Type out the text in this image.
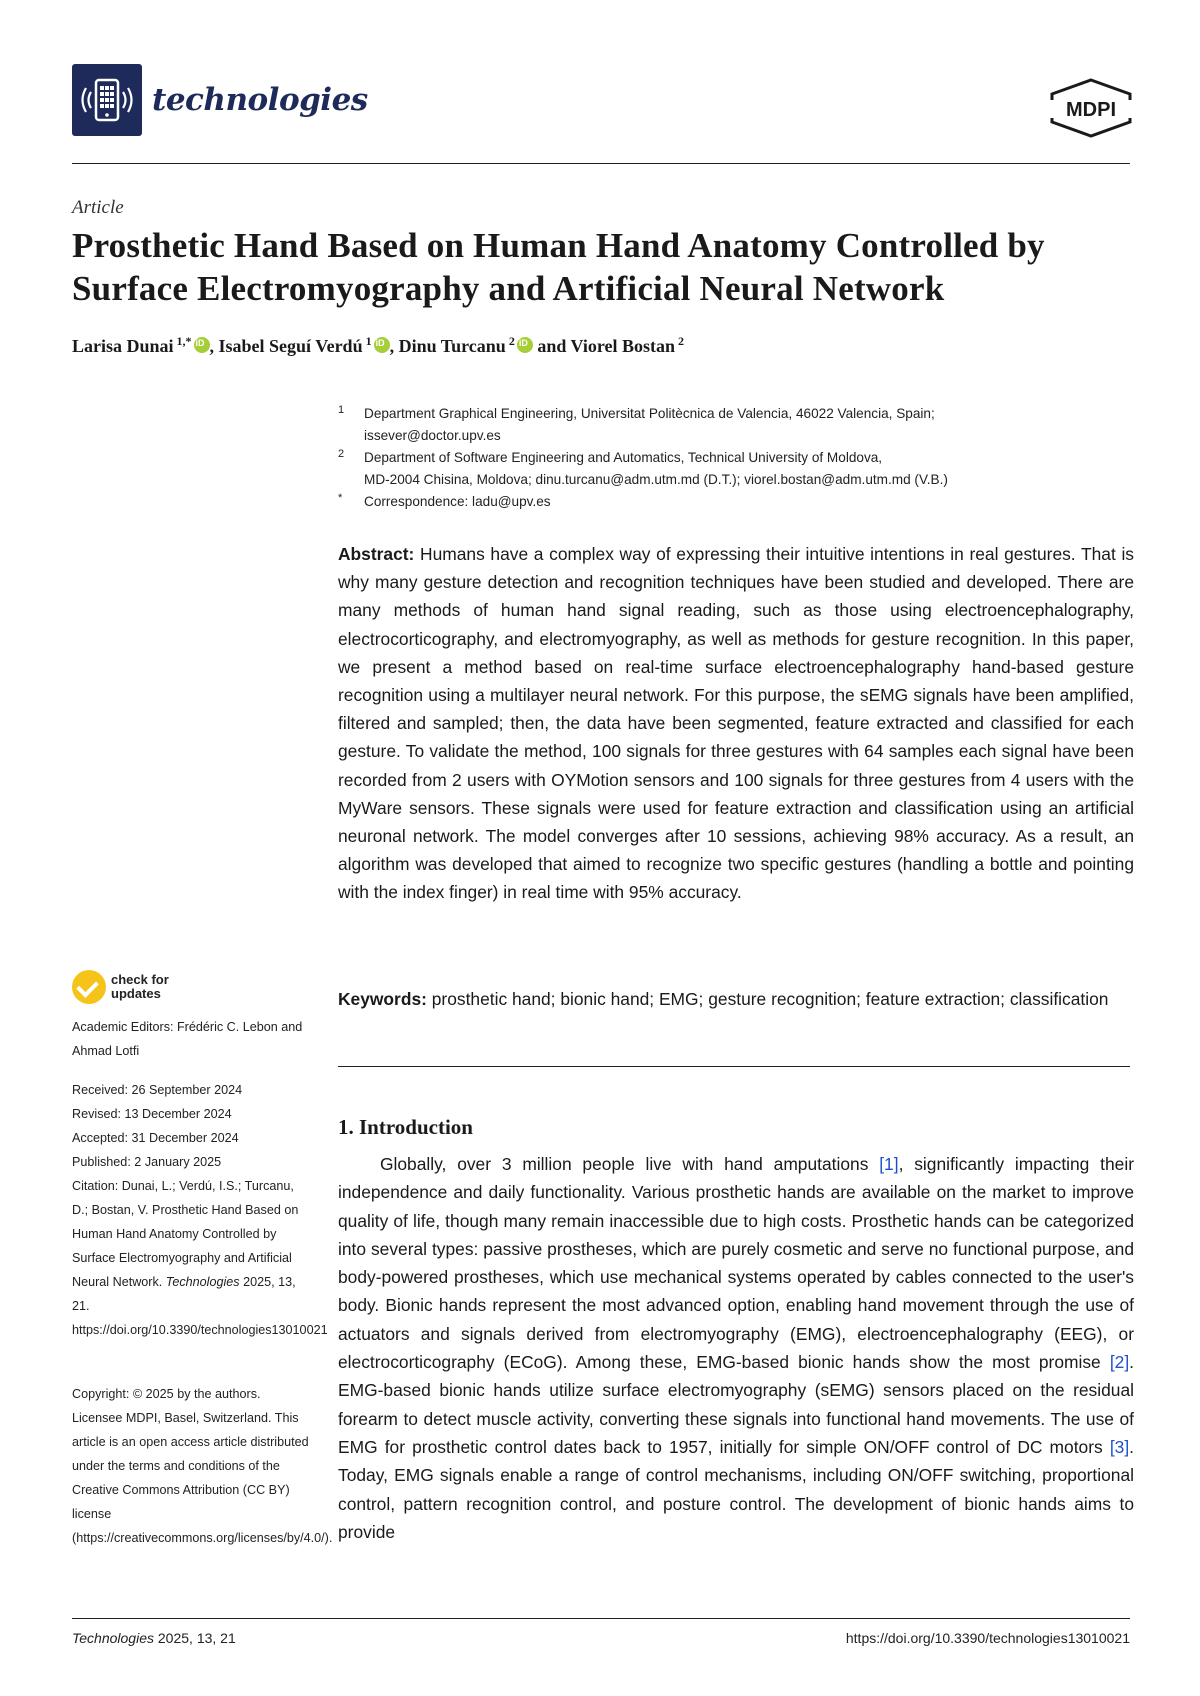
technologies	MDPI
Article
Prosthetic Hand Based on Human Hand Anatomy Controlled by Surface Electromyography and Artificial Neural Network
Larisa Dunai $^{1,*}$ iD , Isabel Seguí Verdú $^1$ iD , Dinu Turcanu $^2$iD and Viorel Bostan $^2$
1 Department Graphical Engineering, Universitat Politècnica de Valencia, 46022 Valencia, Spain;
issever@doctor.upv.es
2 Department of Software Engineering and Automatics, Technical University of Moldova,
MD-2004 Chisina, Moldova; dinu.turcanu@adm.utm.md (D.T.); viorel.bostan@adm.utm.md (V.B.)
* Correspondence: ladu@upv.es
Abstract: Humans have a complex way of expressing their intuitive intentions in real gestures. That is why many gesture detection and recognition techniques have been studied and developed. There are many methods of human hand signal reading, such as those using electroencephalography, electrocorticography, and electromyography, as well as methods for gesture recognition. In this paper, we present a method based on real-time surface electroencephalography hand-based gesture recognition using a multilayer neural network. For this purpose, the sEMG signals have been amplified, filtered and sampled; then, the data have been segmented, feature extracted and classified for each gesture. To validate the method, 100 signals for three gestures with 64 samples each signal have been recorded from 2 users with OYMotion sensors and 100 signals for three gestures from 4 users with the MyWare sensors. These signals were used for feature extraction and classification using an artificial neuronal network. The model converges after 10 sessions, achieving 98% accuracy. As a result, an algorithm was developed that aimed to recognize two specific gestures (handling a bottle and pointing with the index finger) in real time with 95% accuracy.
Keywords: prosthetic hand; bionic hand; EMG; gesture recognition; feature extraction; classification
1. Introduction

Globally, over 3 million people live with hand amputations [1], significantly impacting their independence and daily functionality. Various prosthetic hands are available on the market to improve quality of life, though many remain inaccessible due to high costs. Prosthetic hands can be categorized into several types: passive prostheses, which are purely cosmetic and serve no functional purpose, and body-powered prostheses, which use mechanical systems operated by cables connected to the user's body. Bionic hands represent the most advanced option, enabling hand movement through the use of actuators and signals derived from electromyography (EMG), electroencephalography (EEG), or electrocorticography (ECoG). Among these, EMG-based bionic hands show the most promise [2]. EMG-based bionic hands utilize surface electromyography (sEMG) sensors placed on the residual forearm to detect muscle activity, converting these signals into functional hand movements. The use of EMG for prosthetic control dates back to 1957, initially for simple ON/OFF control of DC motors [3]. Today, EMG signals enable a range of control mechanisms, including ON/OFF switching, proportional control, pattern recognition control, and posture control. The development of bionic hands aims to provide

check for
updates
Academic Editors: Frédéric C. Lebon and Ahmad Lotfi
Received: 26 September 2024
Revised: 13 December 2024
Accepted: 31 December 2024
Published: 2 January 2025
Citation: Dunai, L.; Verdú, I.S.; Turcanu, D.; Bostan, V. Prosthetic Hand Based on Human Hand Anatomy Controlled by Surface Electromyography and Artificial Neural Network. Technologies 2025, 13, 21. https://doi.org/10.3390/technologies13010021
Copyright: © 2025 by the authors. Licensee MDPI, Basel, Switzerland. This article is an open access article distributed under the terms and conditions of the Creative Commons Attribution (CC BY) license (https://creativecommons.org/licenses/by/4.0/).
Technologies 2025, 13, 21	https://doi.org/10.3390/technologies13010021
